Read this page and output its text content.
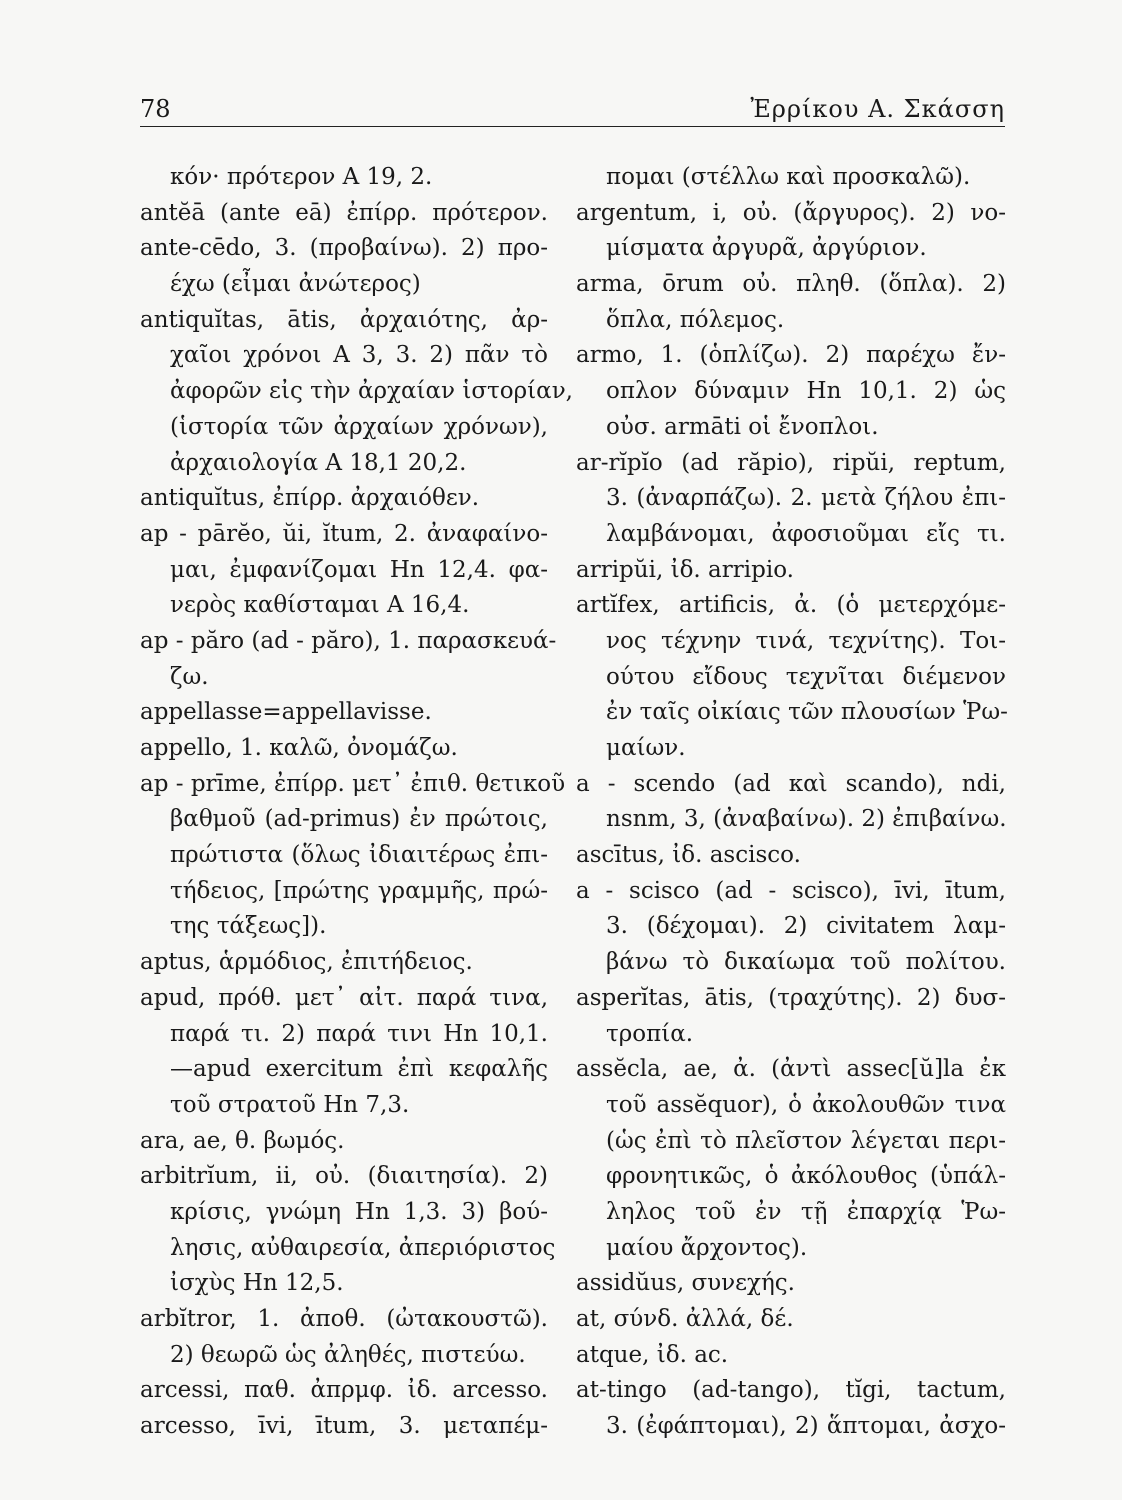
78	Ἐρρίκου Α. Σκάσση
κόν· πρότερον Α 19, 2.
antĕā (ante eā) ἐπίρρ. πρότερον.
ante-cēdo, 3. (προβαίνω). 2) προ-
έχω (εἶμαι ἀνώτερος)
antiquĭtas, ātis, ἀρχαιότης, ἀρ-
χαῖοι χρόνοι Α 3, 3. 2) πᾶν τὸ
ἀφορῶν εἰς τὴν ἀρχαίαν ἱστορίαν,
(ἱστορία τῶν ἀρχαίων χρόνων),
ἀρχαιολογία Α 18,1 20,2.
antiquĭtus, ἐπίρρ. ἀρχαιόθεν.
ap - pārĕo, ŭi, ĭtum, 2. ἀναφαίνο-
μαι, ἐμφανίζομαι Ηn 12,4. φα-
νερὸς καθίσταμαι Α 16,4.
ap - păro (ad - păro), 1. παρασκευά-
ζω.
appellasse=appellavisse.
appello, 1. καλῶ, ὀνομάζω.
ap - prīme, ἐπίρρ. μετ᾽ ἐπιθ. θετικοῦ
βαθμοῦ (ad-primus) ἐν πρώτοις,
πρώτιστα (ὅλως ἰδιαιτέρως ἐπι-
τήδειος, [πρώτης γραμμῆς, πρώ-
της τάξεως]).
aptus, ἁρμόδιος, ἐπιτήδειος.
apud, πρόθ. μετ᾽ αἰτ. παρά τινα,
παρά τι. 2) παρά τινι Ηn 10,1.
—apud exercitum ἐπὶ κεφαλῆς
τοῦ στρατοῦ Ηn 7,3.
ara, ae, θ. βωμός.
arbitrĭum, ii, οὐ. (διαιτησία). 2)
κρίσις, γνώμη Ηn 1,3. 3) βού-
λησις, αὐθαιρεσία, ἀπεριόριστος
ἰσχὺς Ηn 12,5.
arbĭtror, 1. ἀποθ. (ὠτακουστῶ).
2) θεωρῶ ὡς ἀληθές, πιστεύω.
arcessi, παθ. ἀπρμφ. ἰδ. arcesso.
arcesso, īvi, ītum, 3. μεταπέμ-
πομαι (στέλλω καὶ προσκαλῶ).
argentum, i, οὐ. (ἄργυρος). 2) νο-
μίσματα ἀργυρᾶ, ἀργύριον.
arma, ōrum οὐ. πληθ. (ὅπλα). 2)
ὅπλα, πόλεμος.
armo, 1. (ὁπλίζω). 2) παρέχω ἔν-
οπλον δύναμιν Ηn 10,1. 2) ὡς
οὐσ. armāti οἱ ἔνοπλοι.
ar-rĭpĭo (ad răpio), ripŭi, reptum,
3. (ἀναρπάζω). 2. μετὰ ζήλου ἐπι-
λαμβάνομαι, ἀφοσιοῦμαι εἴς τι.
arripŭi, ἰδ. arripio.
artĭfex, artificis, ἀ. (ὁ μετερχόμε-
νος τέχνην τινά, τεχνίτης). Τοι-
ούτου εἴδους τεχνῖται διέμενον
ἐν ταῖς οἰκίαις τῶν πλουσίων Ῥω-
μαίων.
a - scendo (ad καὶ scando), ndi,
nsnm, 3, (ἀναβαίνω). 2) ἐπιβαίνω.
ascītus, ἰδ. ascisco.
a - scisco (ad - scisco), īvi, ītum,
3. (δέχομαι). 2) civitatem λαμ-
βάνω τὸ δικαίωμα τοῦ πολίτου.
asperĭtas, ātis, (τραχύτης). 2) δυσ-
τροπία.
assĕcla, ae, ἀ. (ἀντὶ assec[ŭ]la ἐκ
τοῦ assĕquor), ὁ ἀκολουθῶν τινα
(ὡς ἐπὶ τὸ πλεῖστον λέγεται περι-
φρονητικῶς, ὁ ἀκόλουθος (ὑπάλ-
ληλος τοῦ ἐν τῇ ἐπαρχίᾳ Ῥω-
μαίου ἄρχοντος).
assidŭus, συνεχής.
at, σύνδ. ἀλλά, δέ.
atque, ἰδ. ac.
at-tingo (ad-tango), tĭgi, tactum,
3. (ἐφάπτομαι), 2) ἅπτομαι, ἀσχο-
